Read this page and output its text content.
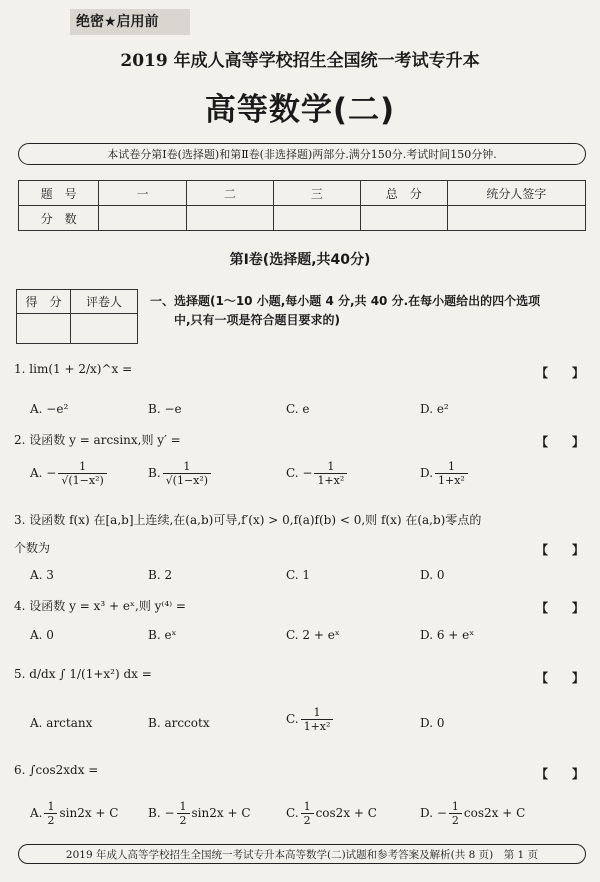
绝密★启用前
2019 年成人高等学校招生全国统一考试专升本
高等数学(二)
本试卷分第Ⅰ卷(选择题)和第Ⅱ卷(非选择题)两部分.满分150分.考试时间150分钟.
题　号	一	二	三	总　分	统分人签字
分　数					
第Ⅰ卷(选择题,共40分)
得　分	评卷人
	一、选择题(1～10 小题,每小题 4 分,共 40 分.在每小题给出的四个选项
中,只有一项是符合题目要求的)
1. lim(1 + 2/x)^x =	【　　】
A. −e²	B. −e	C. e	D. e²
2. 设函数 y = arcsinx,则 y′ =	【　　】
A. − $\frac{1}{\text{√(1−x²)}}$	B. $\frac{1}{\text{√(1−x²)}}$	C. − $\frac{1}{\text{1+x²}}$	D. $\frac{1}{\text{1+x²}}$
3. 设函数 f(x) 在[a,b]上连续,在(a,b)可导,f′(x) > 0,f(a)f(b) < 0,则 f(x) 在(a,b)零点的
个数为	【　　】
A. 3	B. 2	C. 1	D. 0
4. 设函数 y = x³ + eˣ,则 y⁽⁴⁾ =	【　　】
A. 0	B. eˣ	C. 2 + eˣ	D. 6 + eˣ
5. d/dx ∫ 1/(1+x²) dx =	【　　】
A. arctanx	B. arccotx	C. $\frac{1}{\text{1+x²}}$	D. 0
6. ∫cos2xdx =	【　　】
A. $\frac{1}{2} \sin 2x + C$ B. − $\frac{1}{2} \sin 2x + C$	C. $\frac{1}{2} \cos 2x + C$	D. − $\frac{1}{2} \cos 2x + C$
2019 年成人高等学校招生全国统一考试专升本高等数学(二)试题和参考答案及解析(共 8 页)　第 1 页
